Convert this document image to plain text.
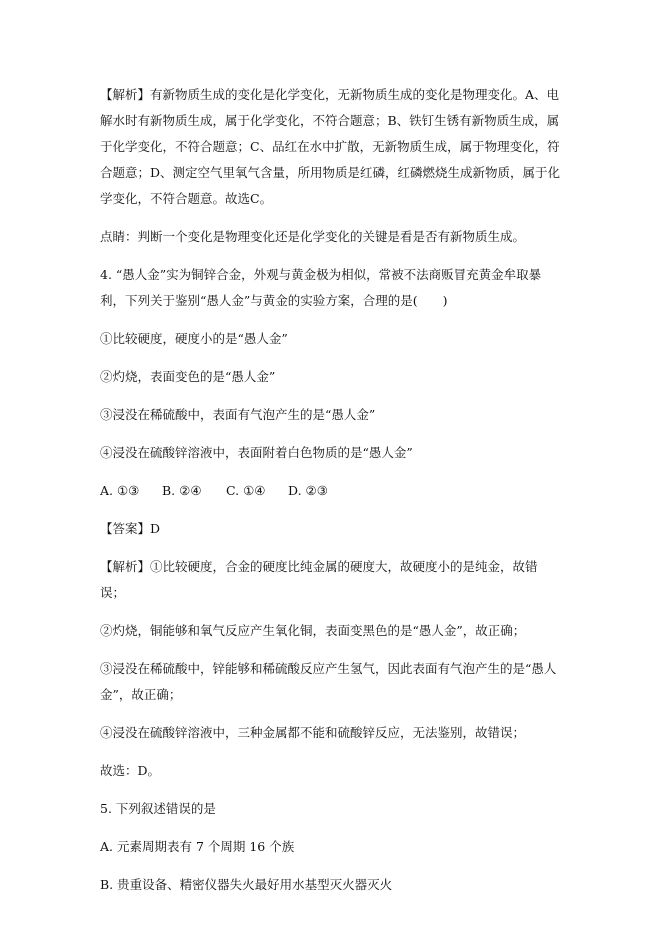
【解析】有新物质生成的变化是化学变化，无新物质生成的变化是物理变化。A、电解水时有新物质生成，属于化学变化，不符合题意；B、铁钉生锈有新物质生成，属于化学变化，不符合题意；C、品红在水中扩散，无新物质生成，属于物理变化，符合题意；D、测定空气里氧气含量，所用物质是红磷，红磷燃烧生成新物质，属于化学变化，不符合题意。故选C。

点睛：判断一个变化是物理变化还是化学变化的关键是看是否有新物质生成。

4. “愚人金”实为铜锌合金，外观与黄金极为相似，常被不法商贩冒充黄金牟取暴利，下列关于鉴别“愚人金”与黄金的实验方案，合理的是(　　)

①比较硬度，硬度小的是“愚人金”

②灼烧，表面变色的是“愚人金”

③浸没在稀硫酸中，表面有气泡产生的是“愚人金”

④浸没在硫酸锌溶液中，表面附着白色物质的是“愚人金”

A. ①③	B. ②④	C. ①④	D. ②③

【答案】D

【解析】①比较硬度，合金的硬度比纯金属的硬度大，故硬度小的是纯金，故错误；

②灼烧，铜能够和氧气反应产生氧化铜，表面变黑色的是“愚人金”，故正确；

③浸没在稀硫酸中，锌能够和稀硫酸反应产生氢气，因此表面有气泡产生的是“愚人金”，故正确；

④浸没在硫酸锌溶液中，三种金属都不能和硫酸锌反应，无法鉴别，故错误；

故选：D。

5. 下列叙述错误的是

A. 元素周期表有 7 个周期 16 个族

B. 贵重设备、精密仪器失火最好用水基型灭火器灭火
